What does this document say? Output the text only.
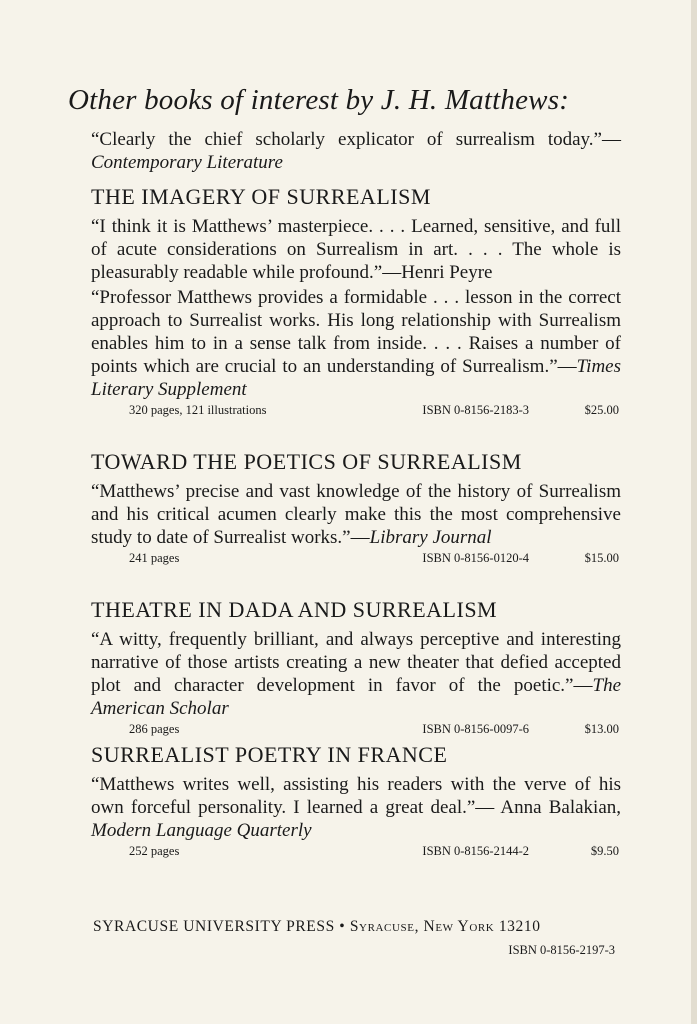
Other books of interest by J. H. Matthews:
“Clearly the chief scholarly explicator of surrealism today.”—Contemporary Literature
THE IMAGERY OF SURREALISM
“I think it is Matthews’ masterpiece. . . . Learned, sensitive, and full of acute considerations on Surrealism in art. . . . The whole is pleasurably readable while profound.”—Henri Peyre
“Professor Matthews provides a formidable . . . lesson in the correct approach to Surrealist works. His long relationship with Surrealism enables him to in a sense talk from inside. . . . Raises a number of points which are crucial to an understanding of Surrealism.”—Times Literary Supplement
320 pages, 121 illustrations	ISBN 0-8156-2183-3	$25.00
TOWARD THE POETICS OF SURREALISM
“Matthews’ precise and vast knowledge of the history of Surrealism and his critical acumen clearly make this the most comprehensive study to date of Surrealist works.”—Library Journal
241 pages	ISBN 0-8156-0120-4	$15.00
THEATRE IN DADA AND SURREALISM
“A witty, frequently brilliant, and always perceptive and interesting narrative of those artists creating a new theater that defied accepted plot and character development in favor of the poetic.”—The American Scholar
286 pages	ISBN 0-8156-0097-6	$13.00
SURREALIST POETRY IN FRANCE
“Matthews writes well, assisting his readers with the verve of his own forceful personality. I learned a great deal.”— Anna Balakian, Modern Language Quarterly
252 pages	ISBN 0-8156-2144-2	$9.50
SYRACUSE UNIVERSITY PRESS • Syracuse, New York 13210
ISBN 0-8156-2197-3
